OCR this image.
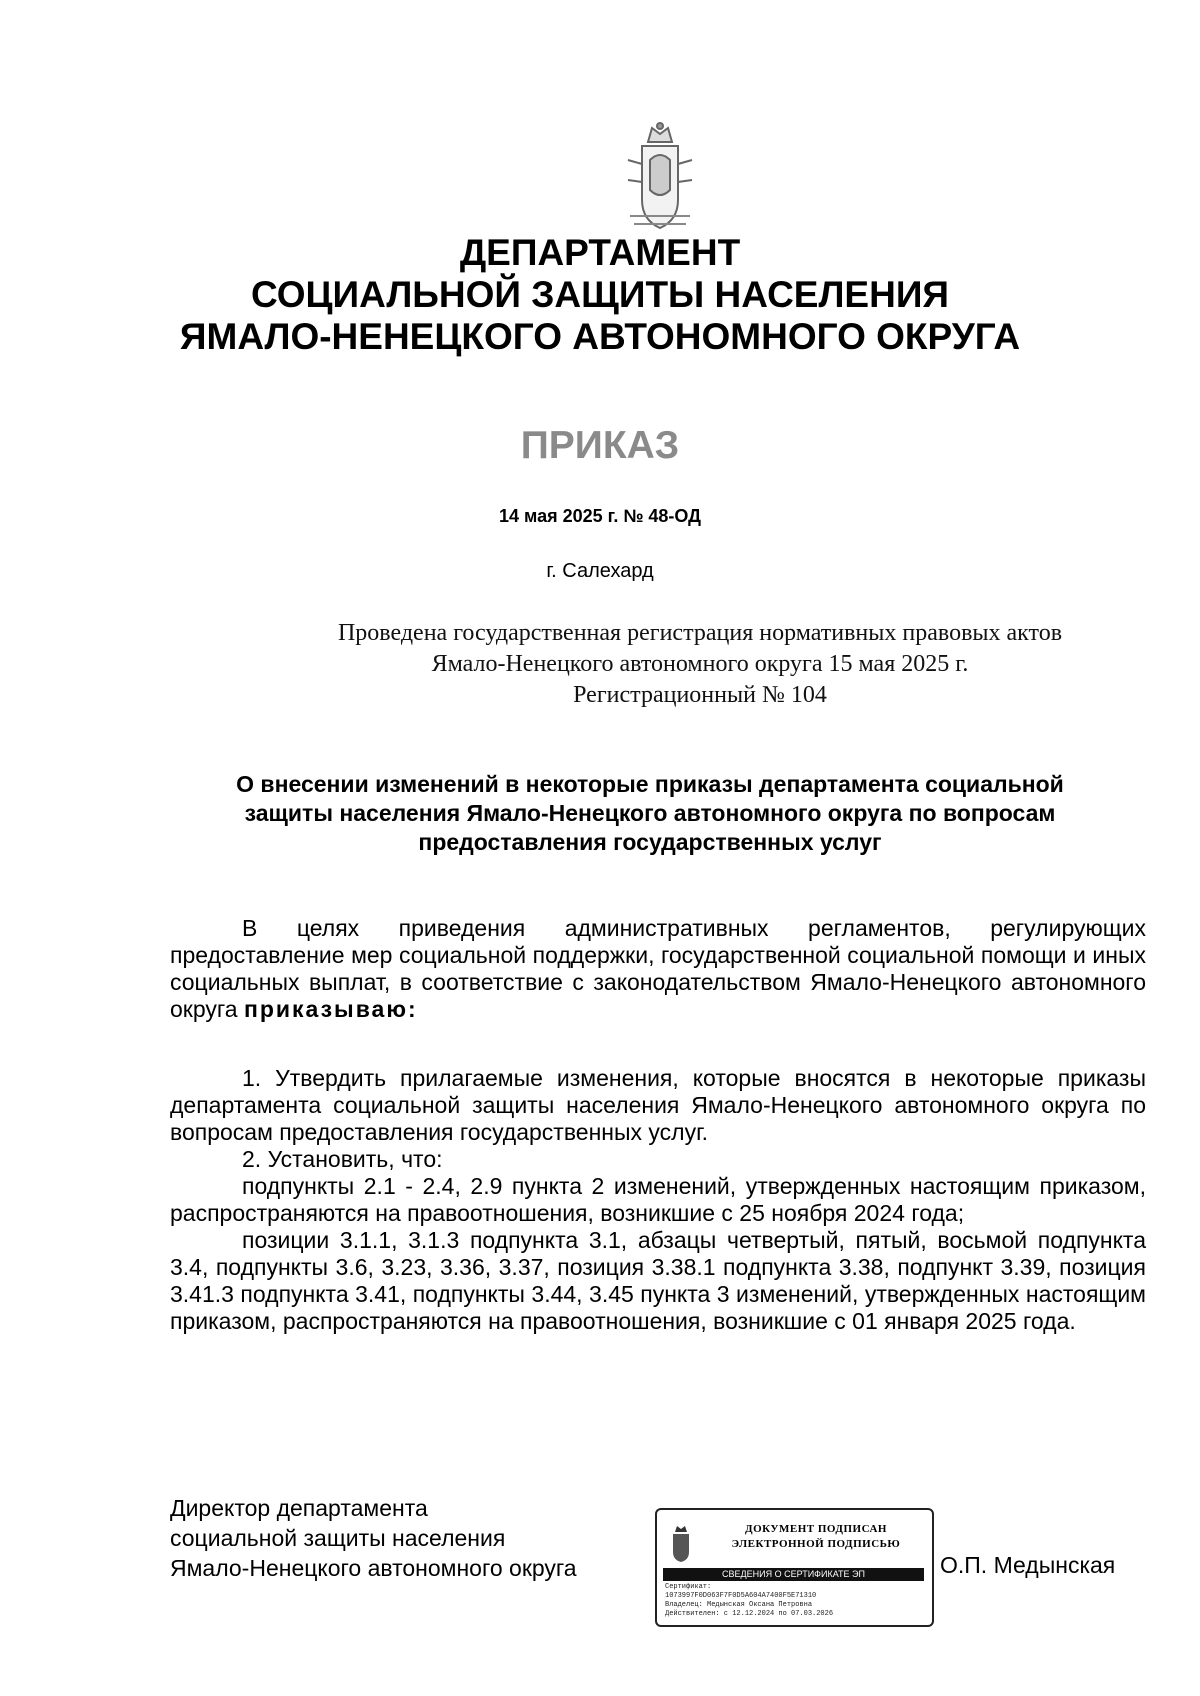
ДЕПАРТАМЕНТ
СОЦИАЛЬНОЙ ЗАЩИТЫ НАСЕЛЕНИЯ
ЯМАЛО-НЕНЕЦКОГО АВТОНОМНОГО ОКРУГА
ПРИКАЗ
14 мая 2025 г. № 48-ОД
г. Салехард
Проведена государственная регистрация нормативных правовых актов
Ямало-Ненецкого автономного округа 15 мая 2025 г.
Регистрационный № 104
О внесении изменений в некоторые приказы департамента социальной
защиты населения Ямало-Ненецкого автономного округа по вопросам
предоставления государственных услуг

В целях приведения административных регламентов, регулирующих предоставление мер социальной поддержки, государственной социальной помощи и иных социальных выплат, в соответствие с законодательством Ямало-Ненецкого автономного округа приказываю:

1. Утвердить прилагаемые изменения, которые вносятся в некоторые приказы департамента социальной защиты населения Ямало-Ненецкого автономного округа по вопросам предоставления государственных услуг.

2. Установить, что:

подпункты 2.1 - 2.4, 2.9 пункта 2 изменений, утвержденных настоящим приказом, распространяются на правоотношения, возникшие с 25 ноября 2024 года;

позиции 3.1.1, 3.1.3 подпункта 3.1, абзацы четвертый, пятый, восьмой подпункта 3.4, подпункты 3.6, 3.23, 3.36, 3.37, позиция 3.38.1 подпункта 3.38, подпункт 3.39, позиция 3.41.3 подпункта 3.41, подпункты 3.44, 3.45 пункта 3 изменений, утвержденных настоящим приказом, распространяются на правоотношения, возникшие с 01 января 2025 года.

Директор департамента
социальной защиты населения
Ямало-Ненецкого автономного округа
ДОКУМЕНТ ПОДПИСАН
ЭЛЕКТРОННОЙ ПОДПИСЬЮ
СВЕДЕНИЯ О СЕРТИФИКАТЕ ЭП
Сертификат:
1073997F0D063F7F0D5A604A7400F5E71310
Владелец: Медынская Оксана Петровна
Действителен: с 12.12.2024 по 07.03.2026
О.П. Медынская
